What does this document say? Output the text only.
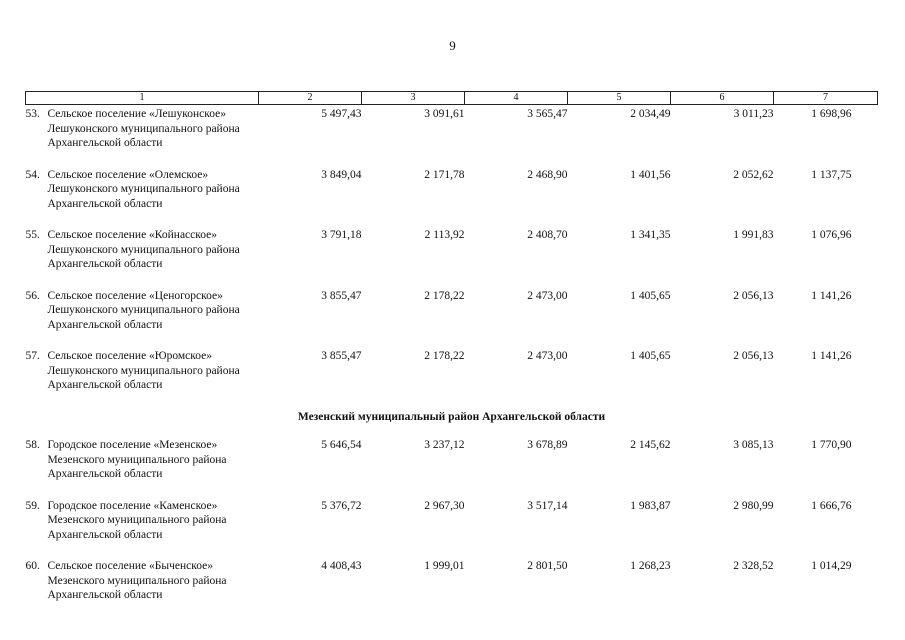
9
1	2	3	4	5	6	7
53. Сельское поселение «Лешуконское» Лешуконского муниципального района Архангельской области	5 497,43	3 091,61	3 565,47	2 034,49	3 011,23	1 698,96
54. Сельское поселение «Олемское» Лешуконского муниципального района Архангельской области	3 849,04	2 171,78	2 468,90	1 401,56	2 052,62	1 137,75
55. Сельское поселение «Койнасское» Лешуконского муниципального района Архангельской области	3 791,18	2 113,92	2 408,70	1 341,35	1 991,83	1 076,96
56. Сельское поселение «Ценогорское» Лешуконского муниципального района Архангельской области	3 855,47	2 178,22	2 473,00	1 405,65	2 056,13	1 141,26
57. Сельское поселение «Юромское» Лешуконского муниципального района Архангельской области	3 855,47	2 178,22	2 473,00	1 405,65	2 056,13	1 141,26
Мезенский муниципальный район Архангельской области						
58. Городское поселение «Мезенское» Мезенского муниципального района Архангельской области	5 646,54	3 237,12	3 678,89	2 145,62	3 085,13	1 770,90
59. Городское поселение «Каменское» Мезенского муниципального района Архангельской области	5 376,72	2 967,30	3 517,14	1 983,87	2 980,99	1 666,76
60. Сельское поселение «Быченское» Мезенского муниципального района Архангельской области	4 408,43	1 999,01	2 801,50	1 268,23	2 328,52	1 014,29
